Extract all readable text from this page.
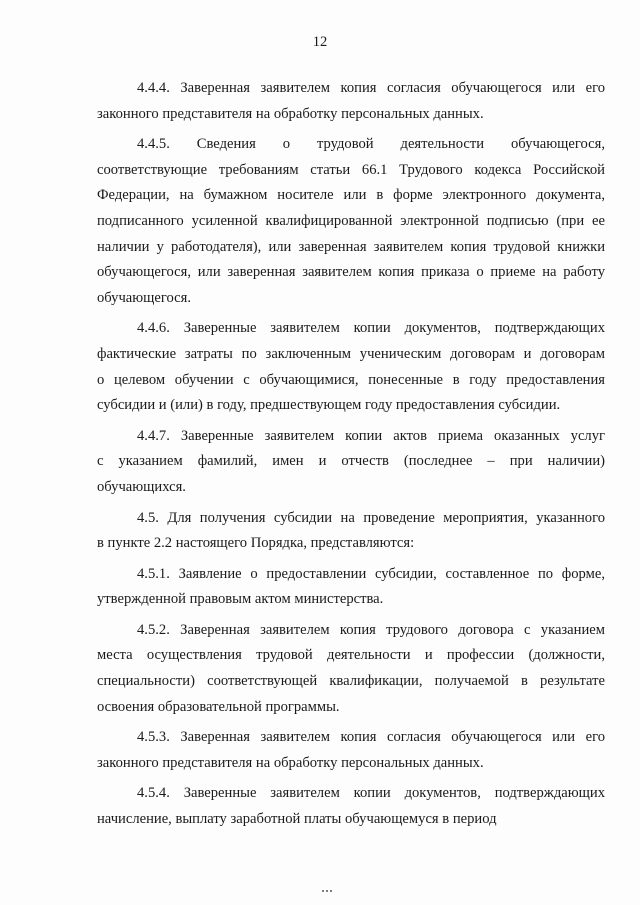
12
4.4.4. Заверенная заявителем копия согласия обучающегося или его
законного представителя на обработку персональных данных.
4.4.5. Сведения о трудовой деятельности обучающегося,
соответствующие требованиям статьи 66.1 Трудового кодекса Российской
Федерации, на бумажном носителе или в форме электронного документа,
подписанного усиленной квалифицированной электронной подписью (при ее
наличии у работодателя), или заверенная заявителем копия трудовой книжки
обучающегося, или заверенная заявителем копия приказа о приеме на работу
обучающегося.
4.4.6. Заверенные заявителем копии документов, подтверждающих
фактические затраты по заключенным ученическим договорам и договорам
о целевом обучении с обучающимися, понесенные в году предоставления
субсидии и (или) в году, предшествующем году предоставления субсидии.
4.4.7. Заверенные заявителем копии актов приема оказанных услуг
с указанием фамилий, имен и отчеств (последнее – при наличии)
обучающихся.
4.5. Для получения субсидии на проведение мероприятия, указанного
в пункте 2.2 настоящего Порядка, представляются:
4.5.1. Заявление о предоставлении субсидии, составленное по форме,
утвержденной правовым актом министерства.
4.5.2. Заверенная заявителем копия трудового договора с указанием
места осуществления трудовой деятельности и профессии (должности,
специальности) соответствующей квалификации, получаемой в результате
освоения образовательной программы.
4.5.3. Заверенная заявителем копия согласия обучающегося или его
законного представителя на обработку персональных данных.
4.5.4. Заверенные заявителем копии документов, подтверждающих
начисление, выплату заработной платы обучающемуся в период
